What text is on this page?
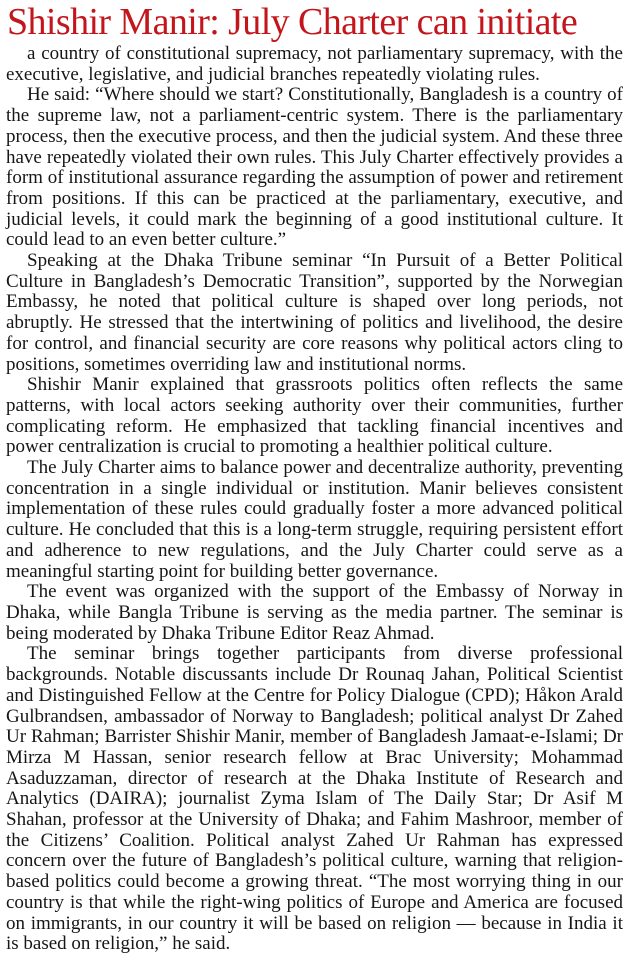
Shishir Manir: July Charter can initiate

a country of constitutional supremacy, not parliamentary supremacy, with the executive, legislative, and judicial branches repeatedly violating rules.

He said: “Where should we start? Constitutionally, Bangladesh is a country of the supreme law, not a parliament-centric system. There is the parliamentary process, then the executive process, and then the judicial system. And these three have repeatedly violated their own rules. This July Charter effectively provides a form of institutional assurance regarding the assumption of power and retirement from positions. If this can be practiced at the parliamentary, executive, and judicial levels, it could mark the beginning of a good institutional culture. It could lead to an even better culture.”

Speaking at the Dhaka Tribune seminar “In Pursuit of a Better Political Culture in Bangladesh’s Democratic Transition”, supported by the Norwegian Embassy, he noted that political culture is shaped over long periods, not abruptly. He stressed that the intertwining of politics and livelihood, the desire for control, and financial security are core reasons why political actors cling to positions, sometimes overriding law and institutional norms.

Shishir Manir explained that grassroots politics often reflects the same patterns, with local actors seeking authority over their communities, further complicating reform. He emphasized that tackling financial incentives and power centralization is crucial to promoting a healthier political culture.

The July Charter aims to balance power and decentralize authority, preventing concentration in a single individual or institution. Manir believes consistent implementation of these rules could gradually foster a more advanced political culture. He concluded that this is a long-term struggle, requiring persistent effort and adherence to new regulations, and the July Charter could serve as a meaningful starting point for building better governance.

The event was organized with the support of the Embassy of Norway in Dhaka, while Bangla Tribune is serving as the media partner. The seminar is being moderated by Dhaka Tribune Editor Reaz Ahmad.

The seminar brings together participants from diverse professional backgrounds. Notable discussants include Dr Rounaq Jahan, Political Scientist and Distinguished Fellow at the Centre for Policy Dialogue (CPD); Håkon Arald Gulbrandsen, ambassador of Norway to Bangladesh; political analyst Dr Zahed Ur Rahman; Barrister Shishir Manir, member of Bangladesh Jamaat-e-Islami; Dr Mirza M Hassan, senior research fellow at Brac University; Mohammad Asaduzzaman, director of research at the Dhaka Institute of Research and Analytics (DAIRA); journalist Zyma Islam of The Daily Star; Dr Asif M Shahan, professor at the University of Dhaka; and Fahim Mashroor, member of the Citizens’ Coalition. Political analyst Zahed Ur Rahman has expressed concern over the future of Bangladesh’s political culture, warning that religion-based politics could become a growing threat. “The most worrying thing in our country is that while the right-wing politics of Europe and America are focused on immigrants, in our country it will be based on religion — because in India it is based on religion,” he said.
